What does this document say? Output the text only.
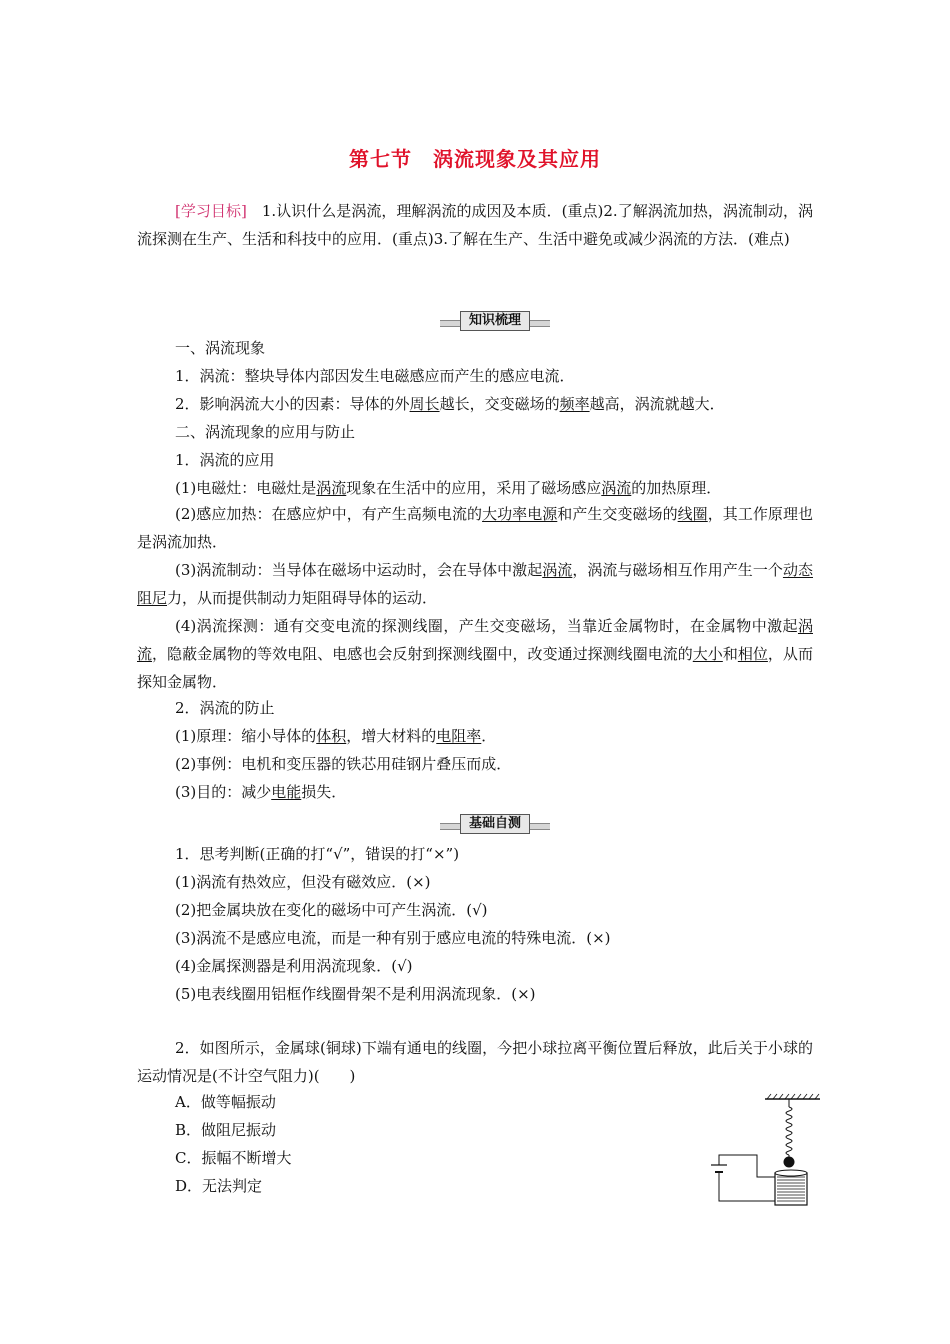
第七节　涡流现象及其应用
[学习目标]　1.认识什么是涡流，理解涡流的成因及本质．(重点)2.了解涡流加热，涡流制动，涡流探测在生产、生活和科技中的应用．(重点)3.了解在生产、生活中避免或减少涡流的方法．(难点)
知识梳理
一、涡流现象
1．涡流：整块导体内部因发生电磁感应而产生的感应电流．
2．影响涡流大小的因素：导体的外周长越长，交变磁场的频率越高，涡流就越大．
二、涡流现象的应用与防止
1．涡流的应用
(1)电磁灶：电磁灶是涡流现象在生活中的应用，采用了磁场感应涡流的加热原理．
(2)感应加热：在感应炉中，有产生高频电流的大功率电源和产生交变磁场的线圈，其工作原理也是涡流加热．
(3)涡流制动：当导体在磁场中运动时，会在导体中激起涡流，涡流与磁场相互作用产生一个动态阻尼力，从而提供制动力矩阻碍导体的运动．
(4)涡流探测：通有交变电流的探测线圈，产生交变磁场，当靠近金属物时，在金属物中激起涡流，隐蔽金属物的等效电阻、电感也会反射到探测线圈中，改变通过探测线圈电流的大小和相位，从而探知金属物．
2．涡流的防止
(1)原理：缩小导体的体积，增大材料的电阻率．
(2)事例：电机和变压器的铁芯用硅钢片叠压而成．
(3)目的：减少电能损失．
基础自测
1．思考判断(正确的打“√”，错误的打“×”)
(1)涡流有热效应，但没有磁效应．(×)
(2)把金属块放在变化的磁场中可产生涡流．(√)
(3)涡流不是感应电流，而是一种有别于感应电流的特殊电流．(×)
(4)金属探测器是利用涡流现象．(√)
(5)电表线圈用铝框作线圈骨架不是利用涡流现象．(×)
2．如图所示，金属球(铜球)下端有通电的线圈，今把小球拉离平衡位置后释放，此后关于小球的运动情况是(不计空气阻力)(　　)
A．做等幅振动
B．做阻尼振动
C．振幅不断增大
D．无法判定
